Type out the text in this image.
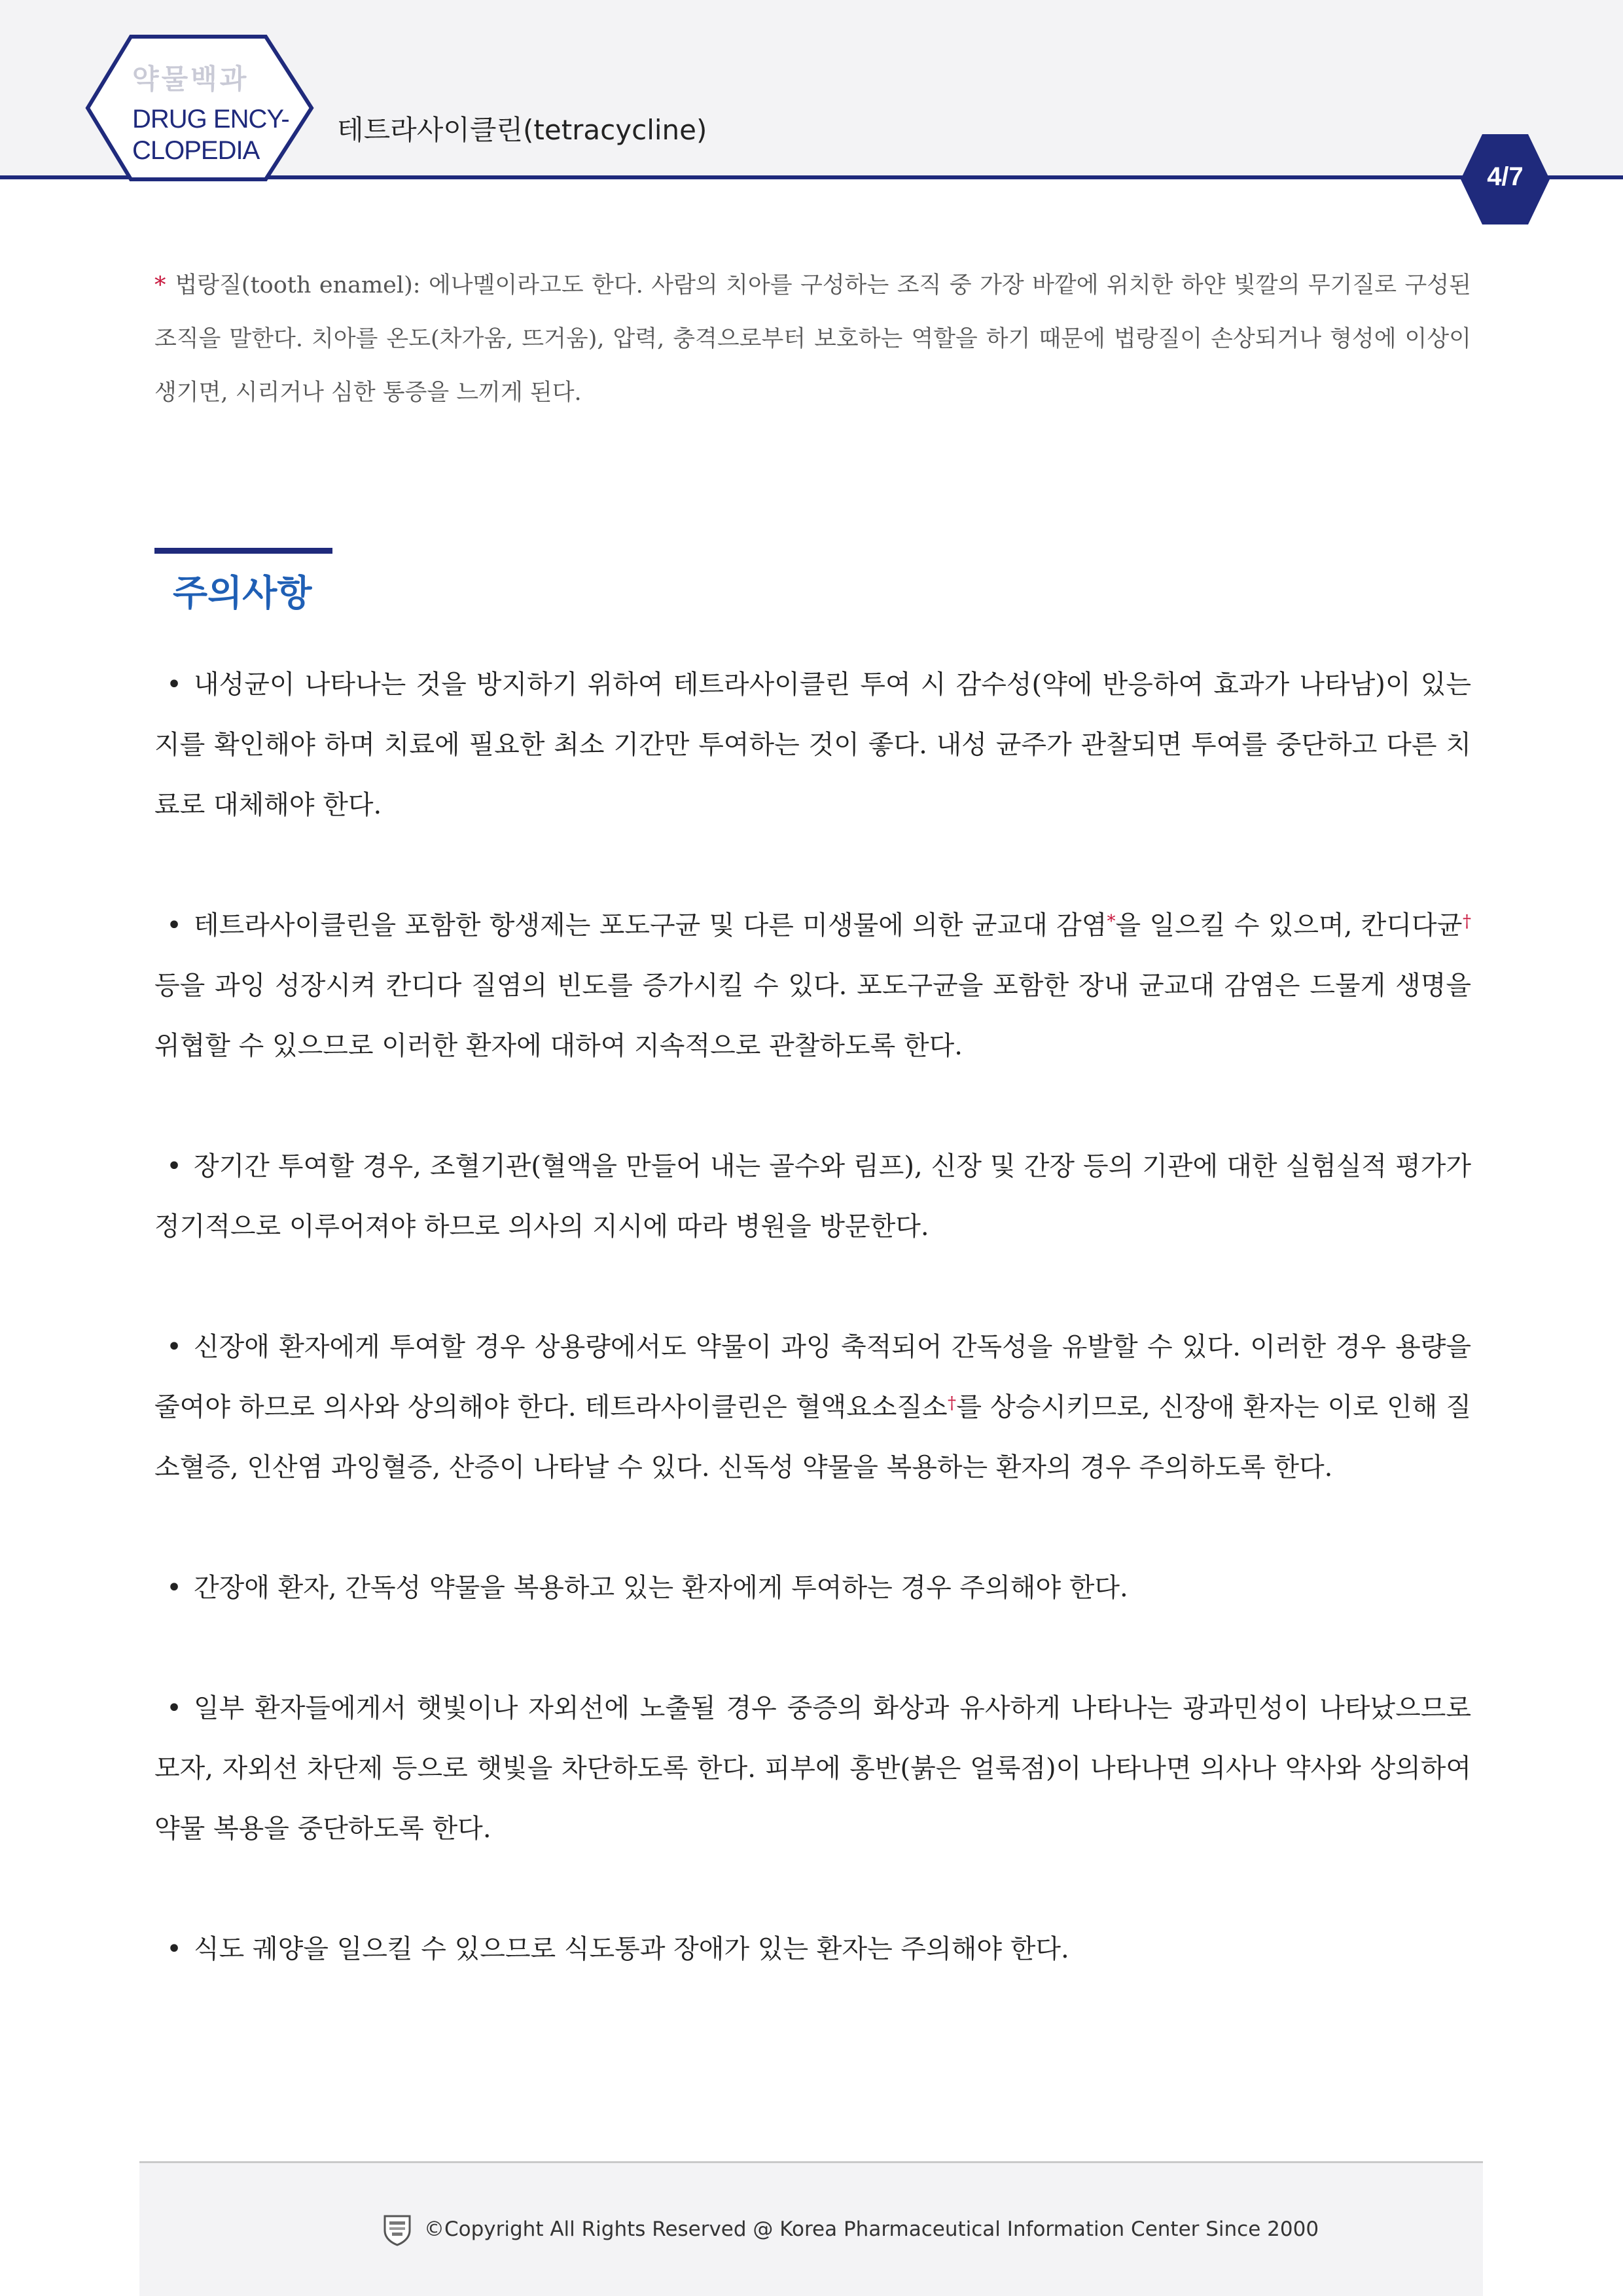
약물백과
DRUG ENCY-
CLOPEDIA
테트라사이클린(tetracycline)
4/7
* 법랑질(tooth enamel): 에나멜이라고도 한다. 사람의 치아를 구성하는 조직 중 가장 바깥에 위치한 하얀 빛깔의 무기질로 구성된 조직을 말한다. 치아를 온도(차가움, 뜨거움), 압력, 충격으로부터 보호하는 역할을 하기 때문에 법랑질이 손상되거나 형성에 이상이 생기면, 시리거나 심한 통증을 느끼게 된다.
주의사항

• 내성균이 나타나는 것을 방지하기 위하여 테트라사이클린 투여 시 감수성(약에 반응하여 효과가 나타남)이 있는지를 확인해야 하며 치료에 필요한 최소 기간만 투여하는 것이 좋다. 내성 균주가 관찰되면 투여를 중단하고 다른 치료로 대체해야 한다.

• 테트라사이클린을 포함한 항생제는 포도구균 및 다른 미생물에 의한 균교대 감염*을 일으킬 수 있으며, 칸디다균† 등을 과잉 성장시켜 칸디다 질염의 빈도를 증가시킬 수 있다. 포도구균을 포함한 장내 균교대 감염은 드물게 생명을 위협할 수 있으므로 이러한 환자에 대하여 지속적으로 관찰하도록 한다.

• 장기간 투여할 경우, 조혈기관(혈액을 만들어 내는 골수와 림프), 신장 및 간장 등의 기관에 대한 실험실적 평가가 정기적으로 이루어져야 하므로 의사의 지시에 따라 병원을 방문한다.

• 신장애 환자에게 투여할 경우 상용량에서도 약물이 과잉 축적되어 간독성을 유발할 수 있다. 이러한 경우 용량을 줄여야 하므로 의사와 상의해야 한다. 테트라사이클린은 혈액요소질소†를 상승시키므로, 신장애 환자는 이로 인해 질소혈증, 인산염 과잉혈증, 산증이 나타날 수 있다. 신독성 약물을 복용하는 환자의 경우 주의하도록 한다.

• 간장애 환자, 간독성 약물을 복용하고 있는 환자에게 투여하는 경우 주의해야 한다.

• 일부 환자들에게서 햇빛이나 자외선에 노출될 경우 중증의 화상과 유사하게 나타나는 광과민성이 나타났으므로 모자, 자외선 차단제 등으로 햇빛을 차단하도록 한다. 피부에 홍반(붉은 얼룩점)이 나타나면 의사나 약사와 상의하여 약물 복용을 중단하도록 한다.

• 식도 궤양을 일으킬 수 있으므로 식도통과 장애가 있는 환자는 주의해야 한다.

©Copyright All Rights Reserved @ Korea Pharmaceutical Information Center Since 2000
